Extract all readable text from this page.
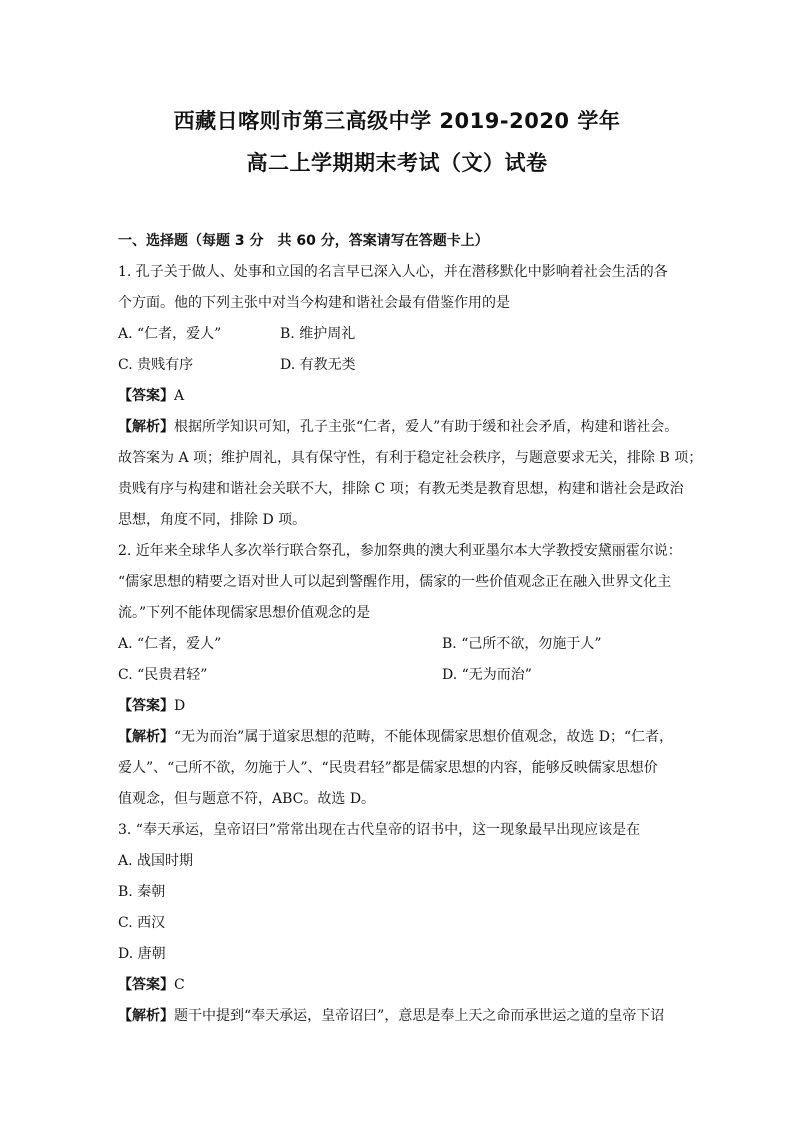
西藏日喀则市第三高级中学 2019-2020 学年
高二上学期期末考试（文）试卷
一、选择题（每题 3 分　共 60 分，答案请写在答题卡上）
1. 孔子关于做人、处事和立国的名言早已深入人心，并在潜移默化中影响着社会生活的各
个方面。他的下列主张中对当今构建和谐社会最有借鉴作用的是
A. “仁者，爱人”	B. 维护周礼
C. 贵贱有序	D. 有教无类
【答案】A
【解析】根据所学知识可知，孔子主张“仁者，爱人”有助于缓和社会矛盾，构建和谐社会。
故答案为 A 项；维护周礼，具有保守性，有利于稳定社会秩序，与题意要求无关，排除 B 项；
贵贱有序与构建和谐社会关联不大，排除 C 项；有教无类是教育思想，构建和谐社会是政治
思想，角度不同，排除 D 项。
2. 近年来全球华人多次举行联合祭孔，参加祭典的澳大利亚墨尔本大学教授安黛丽霍尔说：
“儒家思想的精要之语对世人可以起到警醒作用，儒家的一些价值观念正在融入世界文化主
流。”下列不能体现儒家思想价值观念的是
A. “仁者，爱人”	B. “己所不欲，勿施于人”
C. “民贵君轻”	D. “无为而治”
【答案】D
【解析】“无为而治”属于道家思想的范畴，不能体现儒家思想价值观念，故选 D；“仁者，
爱人”、“己所不欲，勿施于人”、“民贵君轻”都是儒家思想的内容，能够反映儒家思想价
值观念，但与题意不符，ABC。故选 D。
3. “奉天承运，皇帝诏曰”常常出现在古代皇帝的诏书中，这一现象最早出现应该是在
A. 战国时期
B. 秦朝
C. 西汉
D. 唐朝
【答案】C
【解析】题干中提到“奉天承运，皇帝诏曰”，意思是奉上天之命而承世运之道的皇帝下诏
